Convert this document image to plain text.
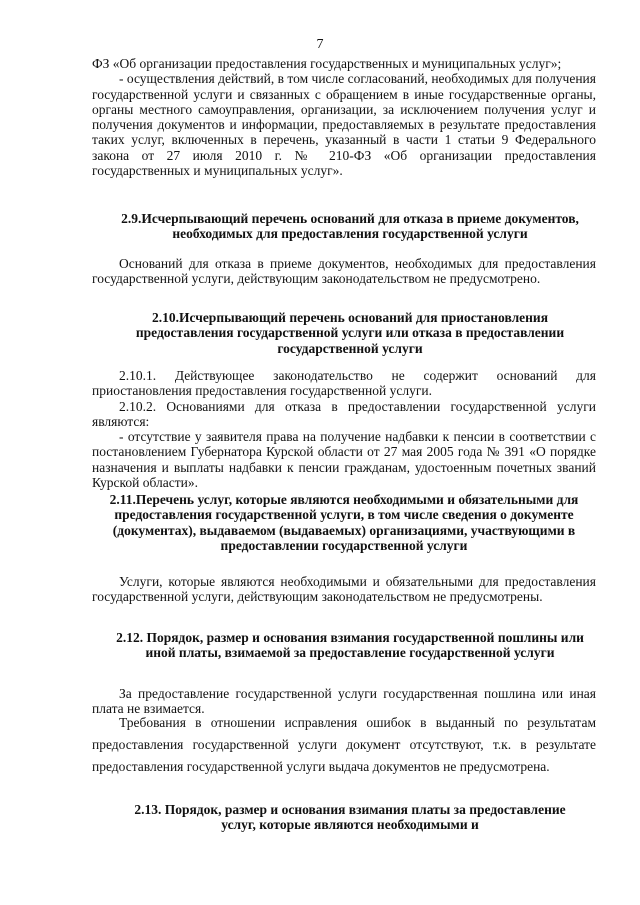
7

ФЗ «Об организации предоставления государственных и муниципальных услуг»;

- осуществления действий, в том числе согласований, необходимых для получения государственной услуги и связанных с обращением в иные государственные органы, органы местного самоуправления, организации, за исключением получения услуг и получения документов и информации, предоставляемых в результате предоставления таких услуг, включенных в перечень, указанный в части 1 статьи 9 Федерального закона от 27 июля 2010 г. № 210-ФЗ «Об организации предоставления государственных и муниципальных услуг».

2.9.Исчерпывающий перечень оснований для отказа в приеме документов, необходимых для предоставления государственной услуги

Оснований для отказа в приеме документов, необходимых для предоставления государственной услуги, действующим законодательством не предусмотрено.

2.10.Исчерпывающий перечень оснований для приостановления предоставления государственной услуги или отказа в предоставлении государственной услуги

2.10.1. Действующее законодательство не содержит оснований для приостановления предоставления государственной услуги.

2.10.2. Основаниями для отказа в предоставлении государственной услуги являются:

- отсутствие у заявителя права на получение надбавки к пенсии в соответствии с постановлением Губернатора Курской области от 27 мая 2005 года № 391 «О порядке назначения и выплаты надбавки к пенсии гражданам, удостоенным почетных званий Курской области».

2.11.Перечень услуг, которые являются необходимыми и обязательными для предоставления государственной услуги, в том числе сведения о документе (документах), выдаваемом (выдаваемых) организациями, участвующими в предоставлении государственной услуги

Услуги, которые являются необходимыми и обязательными для предоставления государственной услуги, действующим законодательством не предусмотрены.

2.12. Порядок, размер и основания взимания государственной пошлины или иной платы, взимаемой за предоставление государственной услуги

За предоставление государственной услуги государственная пошлина или иная плата не взимается.

Требования в отношении исправления ошибок в выданный по результатам предоставления государственной услуги документ отсутствуют, т.к. в результате предоставления государственной услуги выдача документов не предусмотрена.

2.13. Порядок, размер и основания взимания платы за предоставление услуг, которые являются необходимыми и
